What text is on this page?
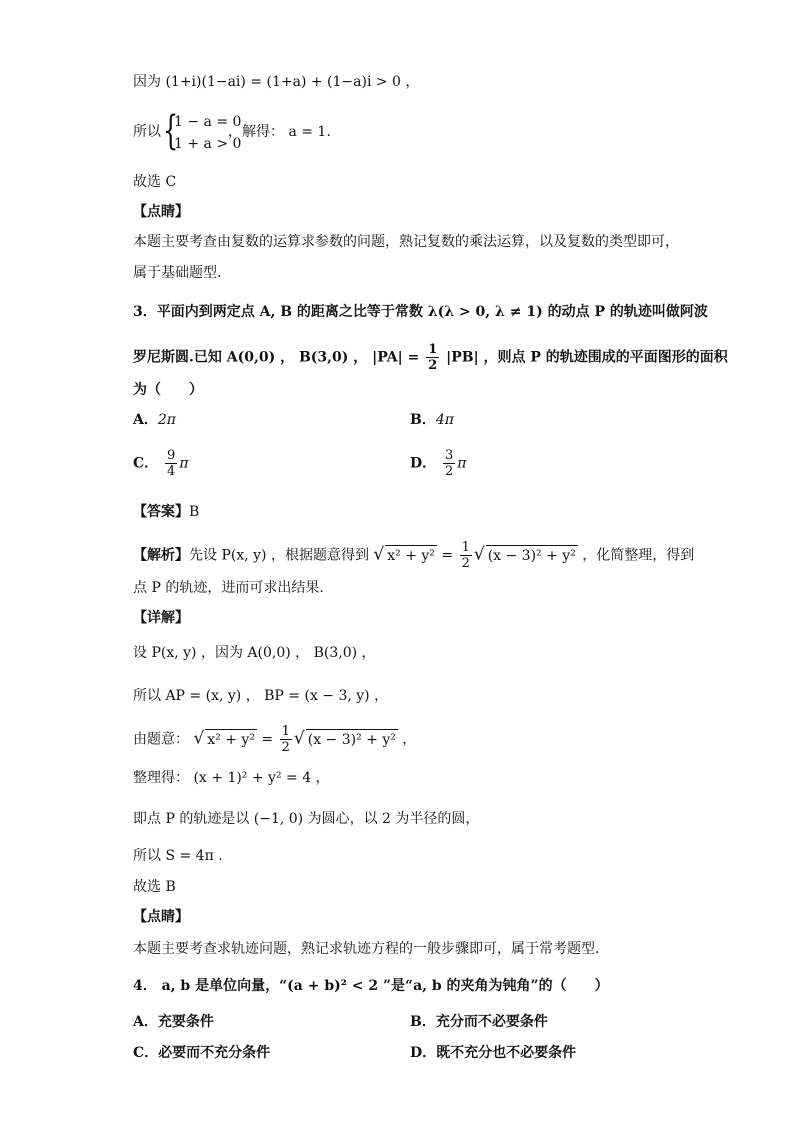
因为 (1+i)(1−ai) = (1+a) + (1−a)i > 0 ，
所以 {
1 − a = 0
1 + a > 0
，解得： a = 1.
故选 C
【点睛】
本题主要考查由复数的运算求参数的问题，熟记复数的乘法运算，以及复数的类型即可，
属于基础题型.
3．平面内到两定点 A, B 的距离之比等于常数 λ(λ > 0, λ ≠ 1) 的动点 P 的轨迹叫做阿波
罗尼斯圆.已知 A(0,0) ， B(3,0) ， $|PA| = \frac{1}{2} |PB|$ ，则点 P 的轨迹围成的平面图形的面积
为（　　）
A．2π	B．4π
C． $\frac{9}{4}$ π	D． $\frac{3}{2}$ π
【答案】B
【解析】先设 P(x, y) ，根据题意得到 √ $x^2 + y^2 = \frac{1}{2}$ √ (x − 3)² + y² ，化简整理，得到
点 P 的轨迹，进而可求出结果.
【详解】
设 P(x, y) ，因为 A(0,0) ， B(3,0) ，
所以 AP = (x, y) ， BP = (x − 3, y) ，
由题意： √ $x^2 + y^2 = \frac{1}{2}$ √ (x − 3)² + y² ，
整理得： (x + 1)² + y² = 4 ，
即点 P 的轨迹是以 (−1, 0) 为圆心，以 2 为半径的圆，
所以 S = 4π .
故选 B
【点睛】
本题主要考查求轨迹问题，熟记求轨迹方程的一般步骤即可，属于常考题型.
4． a, b 是单位向量，“(a + b)² < 2 ”是“a, b 的夹角为钝角”的（　　）
A．充要条件	B．充分而不必要条件
C．必要而不充分条件	D．既不充分也不必要条件
